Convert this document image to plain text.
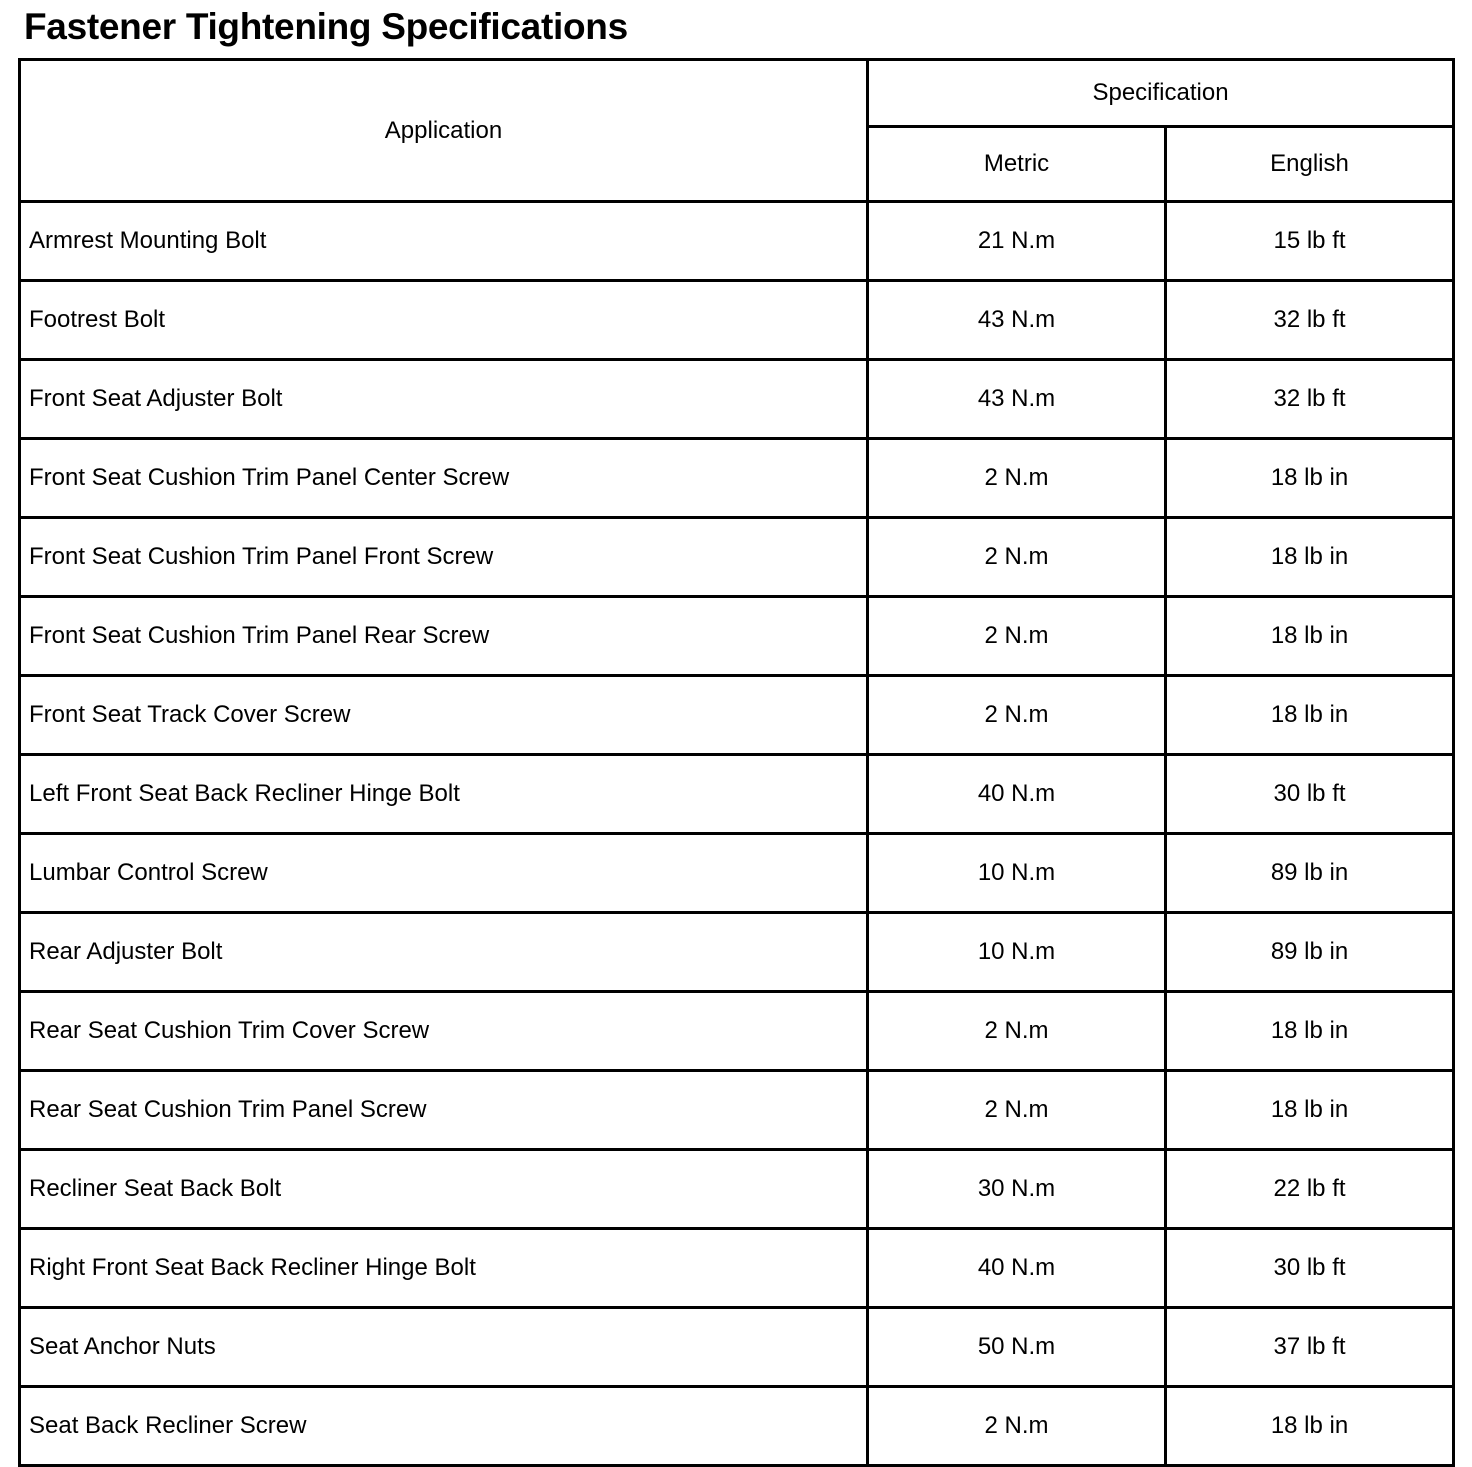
Fastener Tightening Specifications
Application	Specification	
	Metric	English
Armrest Mounting Bolt	21 N.m	15 lb ft
Footrest Bolt	43 N.m	32 lb ft
Front Seat Adjuster Bolt	43 N.m	32 lb ft
Front Seat Cushion Trim Panel Center Screw	2 N.m	18 lb in
Front Seat Cushion Trim Panel Front Screw	2 N.m	18 lb in
Front Seat Cushion Trim Panel Rear Screw	2 N.m	18 lb in
Front Seat Track Cover Screw	2 N.m	18 lb in
Left Front Seat Back Recliner Hinge Bolt	40 N.m	30 lb ft
Lumbar Control Screw	10 N.m	89 lb in
Rear Adjuster Bolt	10 N.m	89 lb in
Rear Seat Cushion Trim Cover Screw	2 N.m	18 lb in
Rear Seat Cushion Trim Panel Screw	2 N.m	18 lb in
Recliner Seat Back Bolt	30 N.m	22 lb ft
Right Front Seat Back Recliner Hinge Bolt	40 N.m	30 lb ft
Seat Anchor Nuts	50 N.m	37 lb ft
Seat Back Recliner Screw	2 N.m	18 lb in
